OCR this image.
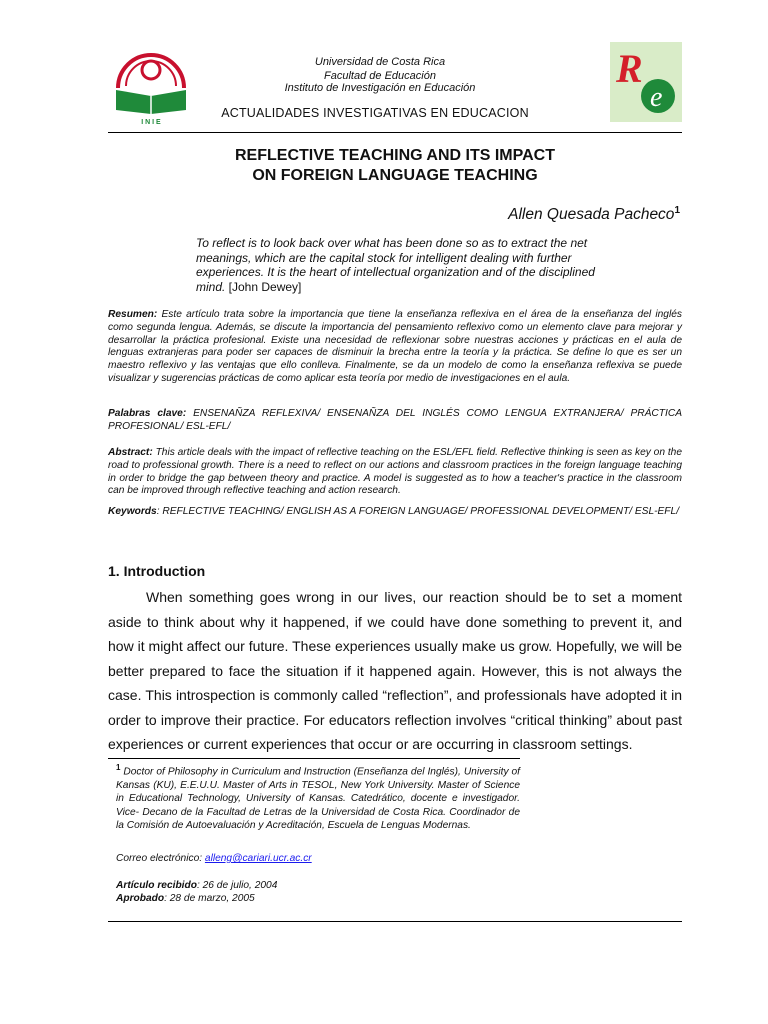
I N I E
Universidad de Costa Rica
Facultad de Educación
Instituto de Investigación en Educación
ACTUALIDADES INVESTIGATIVAS EN EDUCACION
R
e
REFLECTIVE TEACHING AND ITS IMPACT
ON FOREIGN LANGUAGE TEACHING
Allen Quesada Pacheco$^1$
To reflect is to look back over what has been done so as to extract the net meanings, which are the capital stock for intelligent dealing with further experiences. It is the heart of intellectual organization and of the disciplined mind. [John Dewey]
Resumen: Este artículo trata sobre la importancia que tiene la enseñanza reflexiva en el área de la enseñanza del inglés como segunda lengua. Además, se discute la importancia del pensamiento reflexivo como un elemento clave para mejorar y desarrollar la práctica profesional. Existe una necesidad de reflexionar sobre nuestras acciones y prácticas en el aula de lenguas extranjeras para poder ser capaces de disminuir la brecha entre la teoría y la práctica. Se define lo que es ser un maestro reflexivo y las ventajas que ello conlleva. Finalmente, se da un modelo de como la enseñanza reflexiva se puede visualizar y sugerencias prácticas de como aplicar esta teoría por medio de investigaciones en el aula.
Palabras clave: ENSENAÑZA REFLEXIVA/ ENSENAÑZA DEL INGLÉS COMO LENGUA EXTRANJERA/ PRÁCTICA PROFESIONAL/ ESL-EFL/
Abstract: This article deals with the impact of reflective teaching on the ESL/EFL field. Reflective thinking is seen as key on the road to professional growth. There is a need to reflect on our actions and classroom practices in the foreign language teaching in order to bridge the gap between theory and practice. A model is suggested as to how a teacher's practice in the classroom can be improved through reflective teaching and action research.
Keywords: REFLECTIVE TEACHING/ ENGLISH AS A FOREIGN LANGUAGE/ PROFESSIONAL DEVELOPMENT/ ESL-EFL/
1. Introduction
When something goes wrong in our lives, our reaction should be to set a moment aside to think about why it happened, if we could have done something to prevent it, and how it might affect our future. These experiences usually make us grow. Hopefully, we will be better prepared to face the situation if it happened again. However, this is not always the case. This introspection is commonly called “reflection”, and professionals have adopted it in order to improve their practice. For educators reflection involves “critical thinking” about past experiences or current experiences that occur or are occurring in classroom settings.
$^1$ Doctor of Philosophy in Curriculum and Instruction (Enseñanza del Inglés), University of Kansas (KU), E.E.U.U. Master of Arts in TESOL, New York University. Master of Science in Educational Technology, University of Kansas. Catedrático, docente e investigador. Vice- Decano de la Facultad de Letras de la Universidad de Costa Rica. Coordinador de la Comisión de Autoevaluación y Acreditación, Escuela de Lenguas Modernas.
Correo electrónico: alleng@cariari.ucr.ac.cr
Artículo recibido: 26 de julio, 2004
Aprobado: 28 de marzo, 2005
